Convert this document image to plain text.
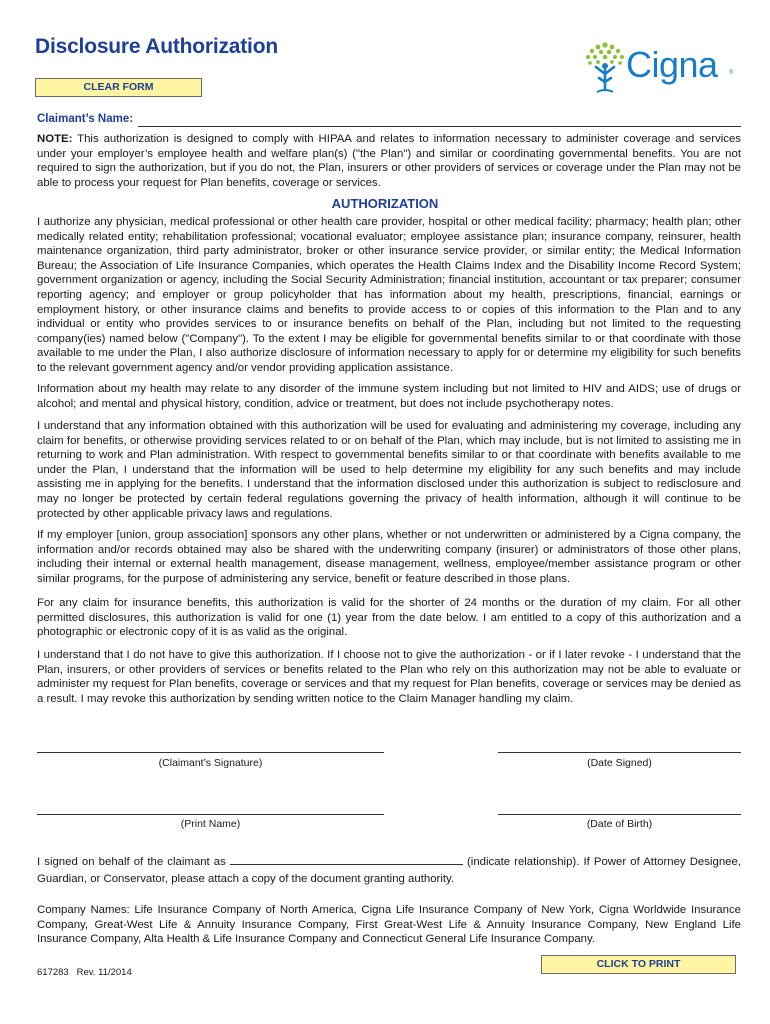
Disclosure Authorization
CLEAR FORM
Cigna ®
Claimant’s Name:
NOTE: This authorization is designed to comply with HIPAA and relates to information necessary to administer coverage and services under your employer’s employee health and welfare plan(s) ("the Plan") and similar or coordinating governmental benefits. You are not required to sign the authorization, but if you do not, the Plan, insurers or other providers of services or coverage under the Plan may not be able to process your request for Plan benefits, coverage or services.
AUTHORIZATION
I authorize any physician, medical professional or other health care provider, hospital or other medical facility; pharmacy; health plan; other medically related entity; rehabilitation professional; vocational evaluator; employee assistance plan; insurance company, reinsurer, health maintenance organization, third party administrator, broker or other insurance service provider, or similar entity; the Medical Information Bureau; the Association of Life Insurance Companies, which operates the Health Claims Index and the Disability Income Record System; government organization or agency, including the Social Security Administration; financial institution, accountant or tax preparer; consumer reporting agency; and employer or group policyholder that has information about my health, prescriptions, financial, earnings or employment history, or other insurance claims and benefits to provide access to or copies of this information to the Plan and to any individual or entity who provides services to or insurance benefits on behalf of the Plan, including but not limited to the requesting company(ies) named below ("Company"). To the extent I may be eligible for governmental benefits similar to or that coordinate with those available to me under the Plan, I also authorize disclosure of information necessary to apply for or determine my eligibility for such benefits to the relevant government agency and/or vendor providing application assistance.
Information about my health may relate to any disorder of the immune system including but not limited to HIV and AIDS; use of drugs or alcohol; and mental and physical history, condition, advice or treatment, but does not include psychotherapy notes.
I understand that any information obtained with this authorization will be used for evaluating and administering my coverage, including any claim for benefits, or otherwise providing services related to or on behalf of the Plan, which may include, but is not limited to assisting me in returning to work and Plan administration. With respect to governmental benefits similar to or that coordinate with benefits available to me under the Plan, I understand that the information will be used to help determine my eligibility for any such benefits and may include assisting me in applying for the benefits. I understand that the information disclosed under this authorization is subject to redisclosure and may no longer be protected by certain federal regulations governing the privacy of health information, although it will continue to be protected by other applicable privacy laws and regulations.
If my employer [union, group association] sponsors any other plans, whether or not underwritten or administered by a Cigna company, the information and/or records obtained may also be shared with the underwriting company (insurer) or administrators of those other plans, including their internal or external health management, disease management, wellness, employee/member assistance program or other similar programs, for the purpose of administering any service, benefit or feature described in those plans.
For any claim for insurance benefits, this authorization is valid for the shorter of 24 months or the duration of my claim. For all other permitted disclosures, this authorization is valid for one (1) year from the date below. I am entitled to a copy of this authorization and a photographic or electronic copy of it is as valid as the original.
I understand that I do not have to give this authorization. If I choose not to give the authorization - or if I later revoke - I understand that the Plan, insurers, or other providers of services or benefits related to the Plan who rely on this authorization may not be able to evaluate or administer my request for Plan benefits, coverage or services and that my request for Plan benefits, coverage or services may be denied as a result. I may revoke this authorization by sending written notice to the Claim Manager handling my claim.
(Claimant’s Signature)	(Date Signed)
(Print Name)	(Date of Birth)
I signed on behalf of the claimant as	(indicate relationship). If Power of Attorney Designee, Guardian, or Conservator, please attach a copy of the document granting authority.
Company Names: Life Insurance Company of North America, Cigna Life Insurance Company of New York, Cigna Worldwide Insurance Company, Great-West Life & Annuity Insurance Company, First Great-West Life & Annuity Insurance Company, New England Life Insurance Company, Alta Health & Life Insurance Company and Connecticut General Life Insurance Company.
CLICK TO PRINT
617283   Rev. 11/2014
